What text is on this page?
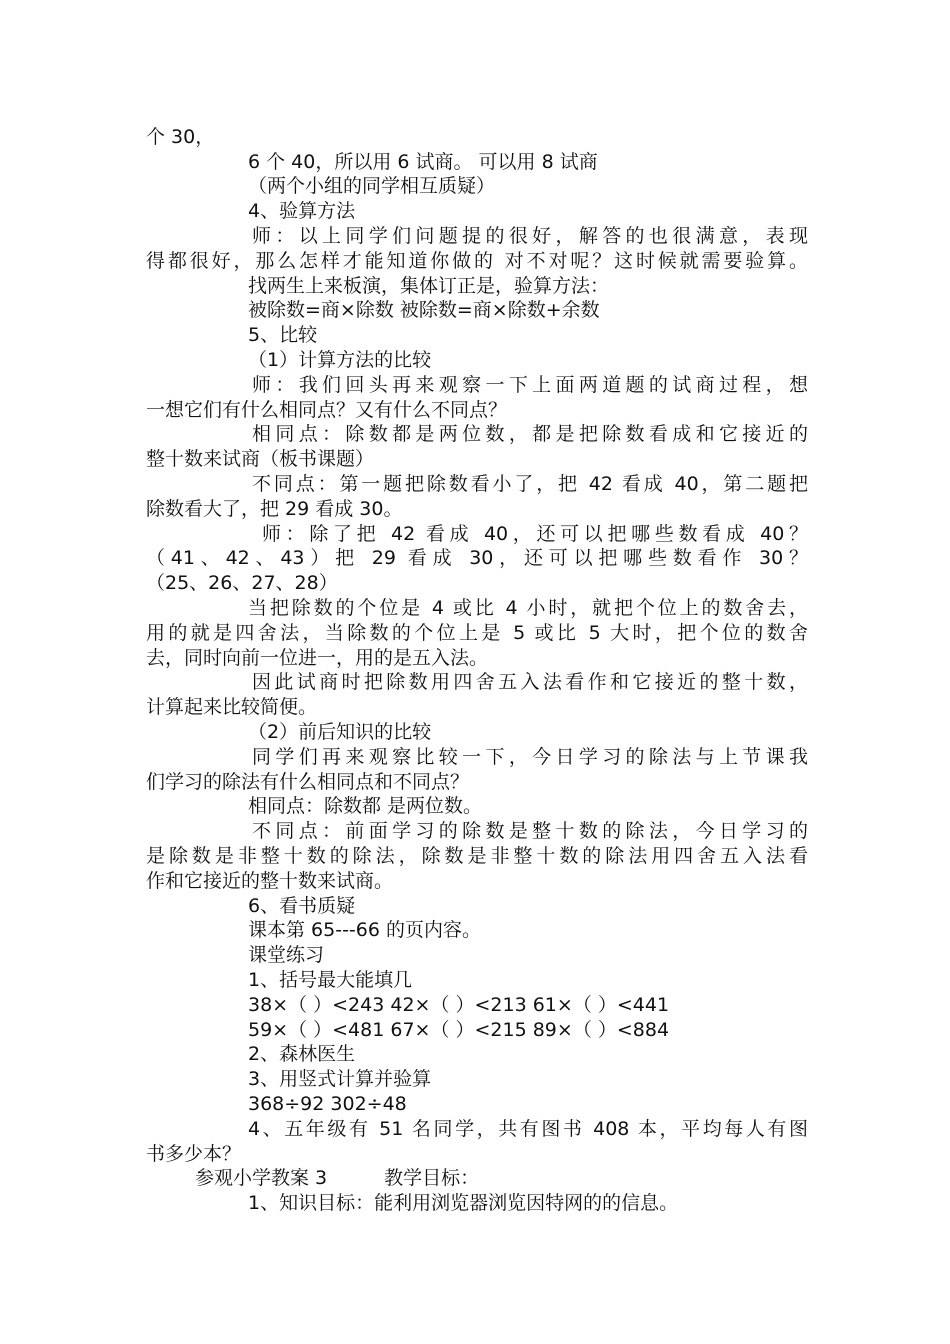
个 30，
6 个 40，所以用 6 试商。 可以用 8 试商
（两个小组的同学相互质疑）
4、验算方法
师：以上同学们问题提的很好，解答的也很满意，表现
得都很好，那么怎样才能知道你做的 对不对呢？这时候就需要验算。
找两生上来板演，集体订正是，验算方法：
被除数=商×除数 被除数=商×除数+余数
5、比较
（1）计算方法的比较
师：我们回头再来观察一下上面两道题的试商过程，想
一想它们有什么相同点？又有什么不同点？
相同点：除数都是两位数，都是把除数看成和它接近的
整十数来试商（板书课题）
不同点：第一题把除数看小了，把 42 看成 40，第二题把
除数看大了，把 29 看成 30。
师：除了把 42 看成 40，还可以把哪些数看成 40？
（41、42、43）把 29 看成 30，还可以把哪些数看作 30？
（25、26、27、28）
当把除数的个位是 4 或比 4 小时，就把个位上的数舍去，
用的就是四舍法，当除数的个位上是 5 或比 5 大时，把个位的数舍
去，同时向前一位进一，用的是五入法。
因此试商时把除数用四舍五入法看作和它接近的整十数，
计算起来比较简便。
（2）前后知识的比较
同学们再来观察比较一下，今日学习的除法与上节课我
们学习的除法有什么相同点和不同点？
相同点：除数都 是两位数。
不同点：前面学习的除数是整十数的除法，今日学习的
是除数是非整十数的除法，除数是非整十数的除法用四舍五入法看
作和它接近的整十数来试商。
6、看书质疑
课本第 65---66 的页内容。
课堂练习
1、括号最大能填几
38×（ ）<243 42×（ ）<213 61×（ ）<441
59×（ ）<481 67×（ ）<215 89×（ ）<884
2、森林医生
3、用竖式计算并验算
368÷92 302÷48
4、五年级有 51 名同学，共有图书 408 本，平均每人有图
书多少本？
参观小学教案 3　　　教学目标：
1、知识目标：能利用浏览器浏览因特网的的信息。
